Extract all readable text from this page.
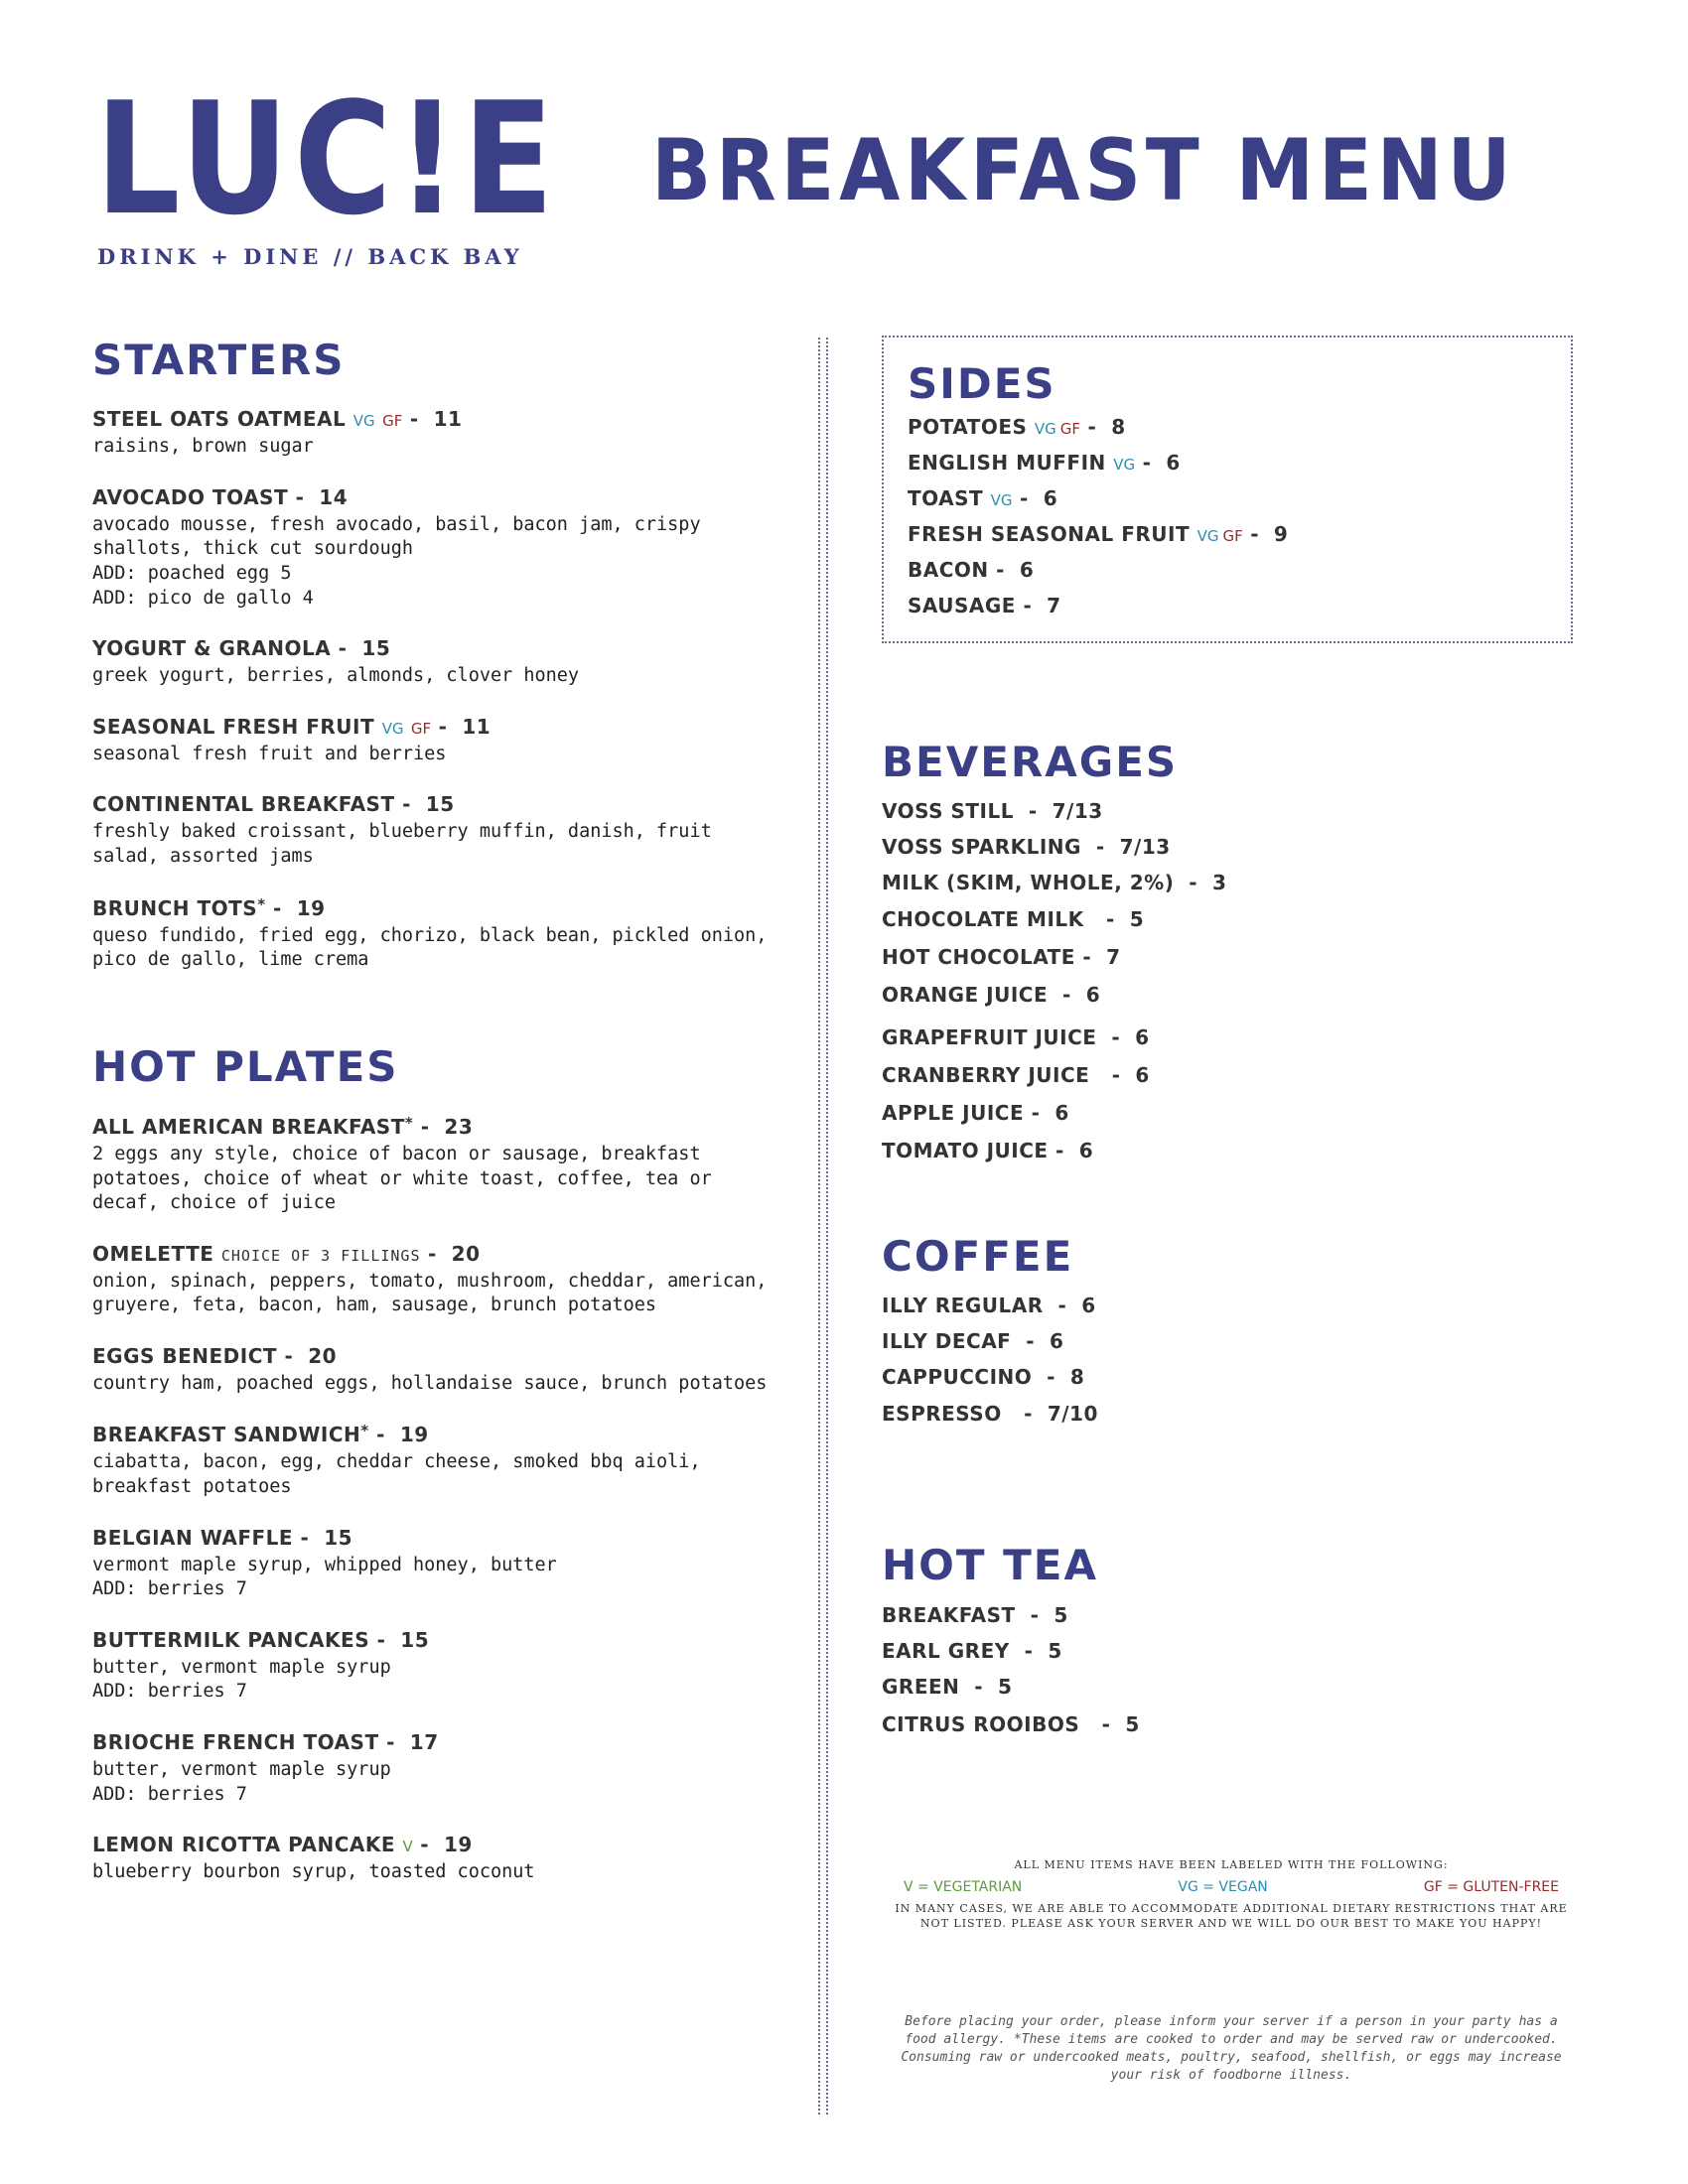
LUC!E

DRINK + DINE // BACK BAY

BREAKFAST MENU
STARTERS
STEEL OATS OATMEAL VG GF -  11
raisins, brown sugar
AVOCADO TOAST -  14
avocado mousse, fresh avocado, basil, bacon jam, crispy shallots, thick cut sourdough
ADD: poached egg 5
ADD: pico de gallo 4
YOGURT & GRANOLA -  15
greek yogurt, berries, almonds, clover honey
SEASONAL FRESH FRUIT VG GF -  11
seasonal fresh fruit and berries
CONTINENTAL BREAKFAST -  15
freshly baked croissant, blueberry muffin, danish, fruit salad, assorted jams
BRUNCH TOTS* -  19
queso fundido, fried egg, chorizo, black bean, pickled onion, pico de gallo, lime crema
HOT PLATES
ALL AMERICAN BREAKFAST* -  23
2 eggs any style, choice of bacon or sausage, breakfast potatoes, choice of wheat or white toast, coffee, tea or decaf, choice of juice
OMELETTE CHOICE OF 3 FILLINGS -  20
onion, spinach, peppers, tomato, mushroom, cheddar, american, gruyere, feta, bacon, ham, sausage, brunch potatoes
EGGS BENEDICT -  20
country ham, poached eggs, hollandaise sauce, brunch potatoes
BREAKFAST SANDWICH* -  19
ciabatta, bacon, egg, cheddar cheese, smoked bbq aioli, breakfast potatoes
BELGIAN WAFFLE -  15
vermont maple syrup, whipped honey, butter
ADD: berries 7
BUTTERMILK PANCAKES -  15
butter, vermont maple syrup
ADD: berries 7
BRIOCHE FRENCH TOAST -  17
butter, vermont maple syrup
ADD: berries 7
LEMON RICOTTA PANCAKE V -  19
blueberry bourbon syrup, toasted coconut
SIDES
POTATOES VG GF -  8
ENGLISH MUFFIN VG -  6
TOAST VG -  6
FRESH SEASONAL FRUIT VG GF -  9
BACON -  6
SAUSAGE -  7
BEVERAGES
VOSS STILL  -  7/13
VOSS SPARKLING  -  7/13
MILK (SKIM, WHOLE, 2%)  -  3
CHOCOLATE MILK   -  5
HOT CHOCOLATE -  7
ORANGE JUICE  -  6
GRAPEFRUIT JUICE  -  6
CRANBERRY JUICE   -  6
APPLE JUICE -  6
TOMATO JUICE -  6
COFFEE
ILLY REGULAR  -  6
ILLY DECAF  -  6
CAPPUCCINO  -  8
ESPRESSO   -  7/10
HOT TEA
BREAKFAST  -  5
EARL GREY  -  5
GREEN  -  5
CITRUS ROOIBOS   -  5
ALL MENU ITEMS HAVE BEEN LABELED WITH THE FOLLOWING:
V = VEGETARIAN	VG = VEGAN	GF = GLUTEN-FREE
IN MANY CASES, WE ARE ABLE TO ACCOMMODATE ADDITIONAL DIETARY RESTRICTIONS THAT ARE NOT LISTED. PLEASE ASK YOUR SERVER AND WE WILL DO OUR BEST TO MAKE YOU HAPPY!
Before placing your order, please inform your server if a person in your party has a food allergy. *These items are cooked to order and may be served raw or undercooked. Consuming raw or undercooked meats, poultry, seafood, shellfish, or eggs may increase your risk of foodborne illness.
